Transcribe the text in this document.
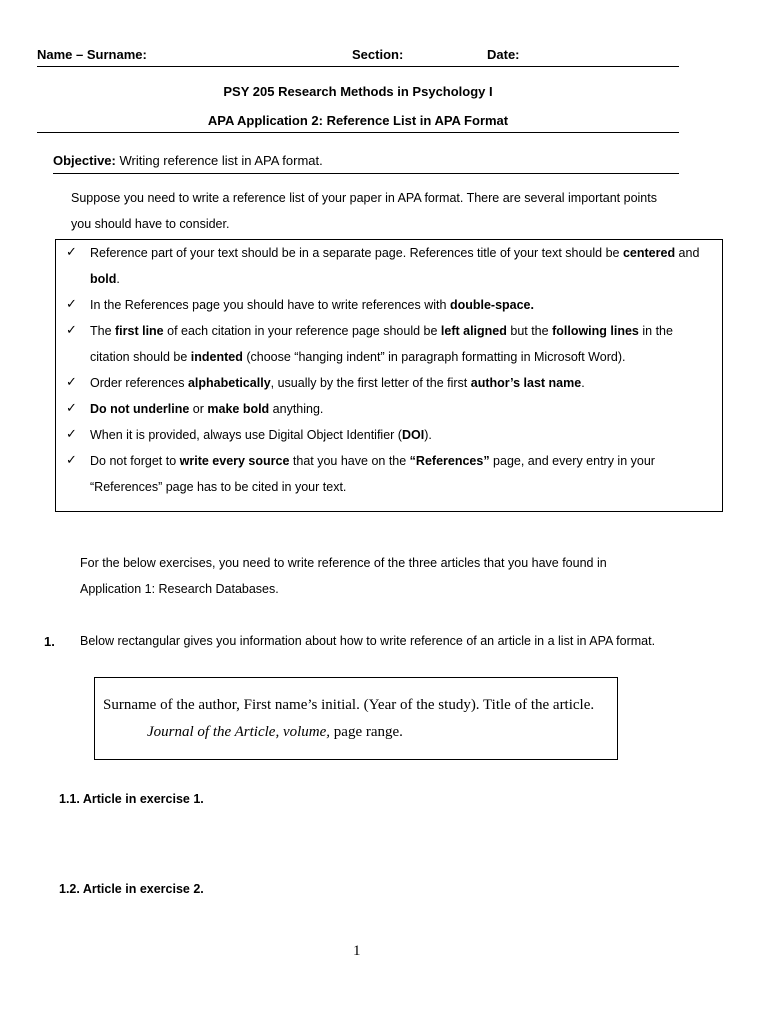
Name – Surname:	Section:	Date:
PSY 205 Research Methods in Psychology I
APA Application 2: Reference List in APA Format
Objective: Writing reference list in APA format.
Suppose you need to write a reference list of your paper in APA format. There are several important points
you should have to consider.
✓ Reference part of your text should be in a separate page. References title of your text should be centered and bold.
✓ In the References page you should have to write references with double-space.
✓ The first line of each citation in your reference page should be left aligned but the following lines in the citation should be indented (choose “hanging indent” in paragraph formatting in Microsoft Word).
✓ Order references alphabetically, usually by the first letter of the first author’s last name.
✓ Do not underline or make bold anything.
✓ When it is provided, always use Digital Object Identifier (DOI).
✓ Do not forget to write every source that you have on the “References” page, and every entry in your “References” page has to be cited in your text.
For the below exercises, you need to write reference of the three articles that you have found in
Application 1: Research Databases.
1. Below rectangular gives you information about how to write reference of an article in a list in APA format.
Surname of the author, First name’s initial. (Year of the study). Title of the article.
Journal of the Article, volume, page range.
1.1. Article in exercise 1.
1.2. Article in exercise 2.
1
